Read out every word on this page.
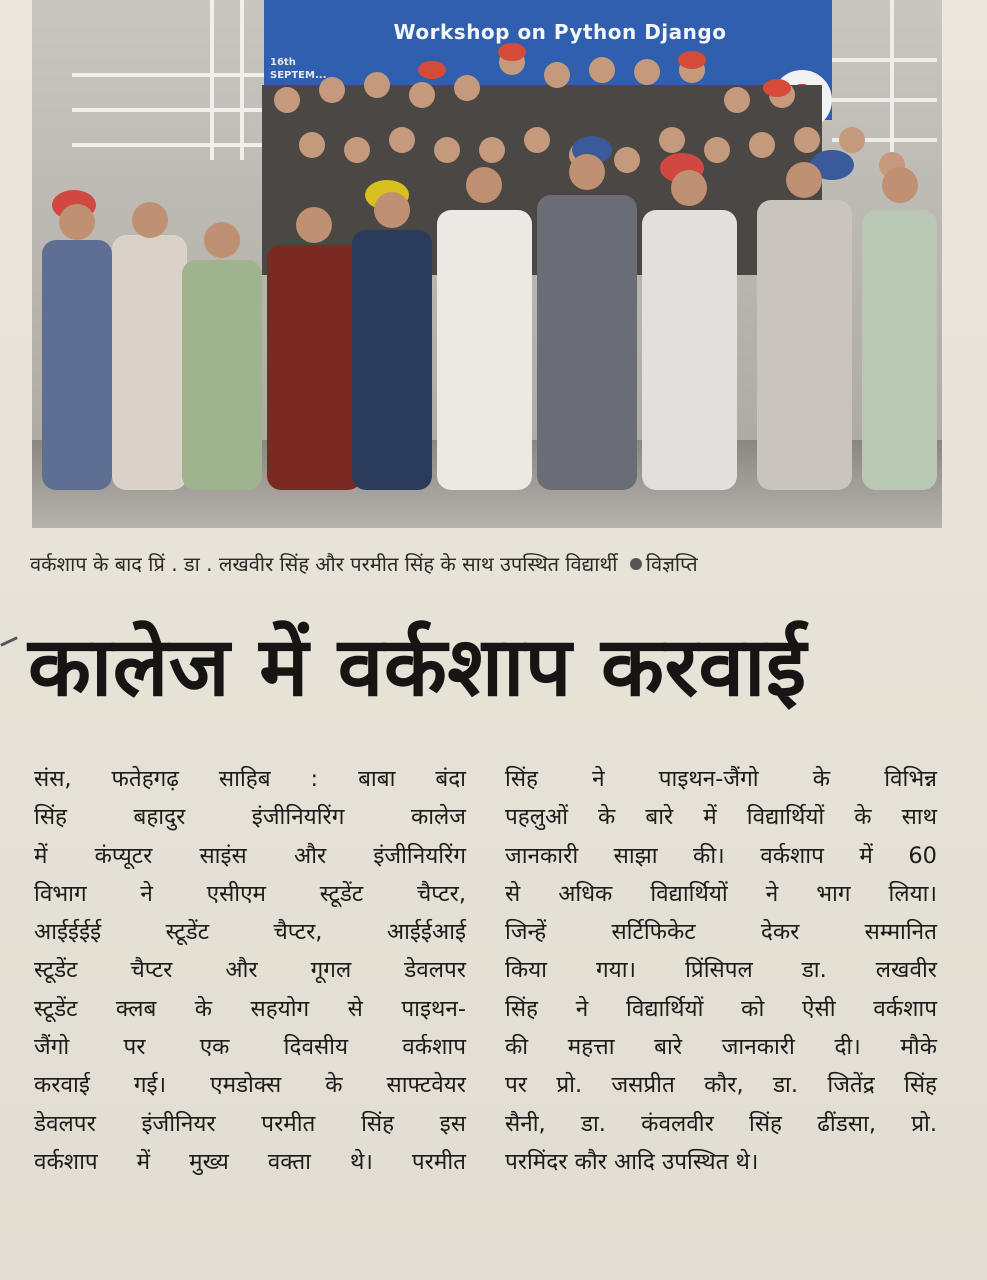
Workshop on Python Django
16th
SEPTEM...
वर्कशाप के बाद प्रिं . डा . लखवीर सिंह और परमीत सिंह के साथ उपस्थित विद्यार्थी विज्ञप्ति
कालेज में वर्कशाप करवाई

संस, फतेहगढ़ साहिब : बाबा बंदा

सिंह बहादुर इंजीनियरिंग कालेज

में कंप्यूटर साइंस और इंजीनियरिंग

विभाग ने एसीएम स्टूडेंट चैप्टर,

आईईईई स्टूडेंट चैप्टर, आईईआई

स्टूडेंट चैप्टर और गूगल डेवलपर

स्टूडेंट क्लब के सहयोग से पाइथन-

जैंगो पर एक दिवसीय वर्कशाप

करवाई गई। एमडोक्स के साफ्टवेयर

डेवलपर इंजीनियर परमीत सिंह इस

वर्कशाप में मुख्य वक्ता थे। परमीत

सिंह ने पाइथन-जैंगो के विभिन्न

पहलुओं के बारे में विद्यार्थियों के साथ

जानकारी साझा की। वर्कशाप में 60

से अधिक विद्यार्थियों ने भाग लिया।

जिन्हें सर्टिफिकेट देकर सम्मानित

किया गया। प्रिंसिपल डा. लखवीर

सिंह ने विद्यार्थियों को ऐसी वर्कशाप

की महत्ता बारे जानकारी दी। मौके

पर प्रो. जसप्रीत कौर, डा. जितेंद्र सिंह

सैनी, डा. कंवलवीर सिंह ढींडसा, प्रो.

परमिंदर कौर आदि उपस्थित थे।
